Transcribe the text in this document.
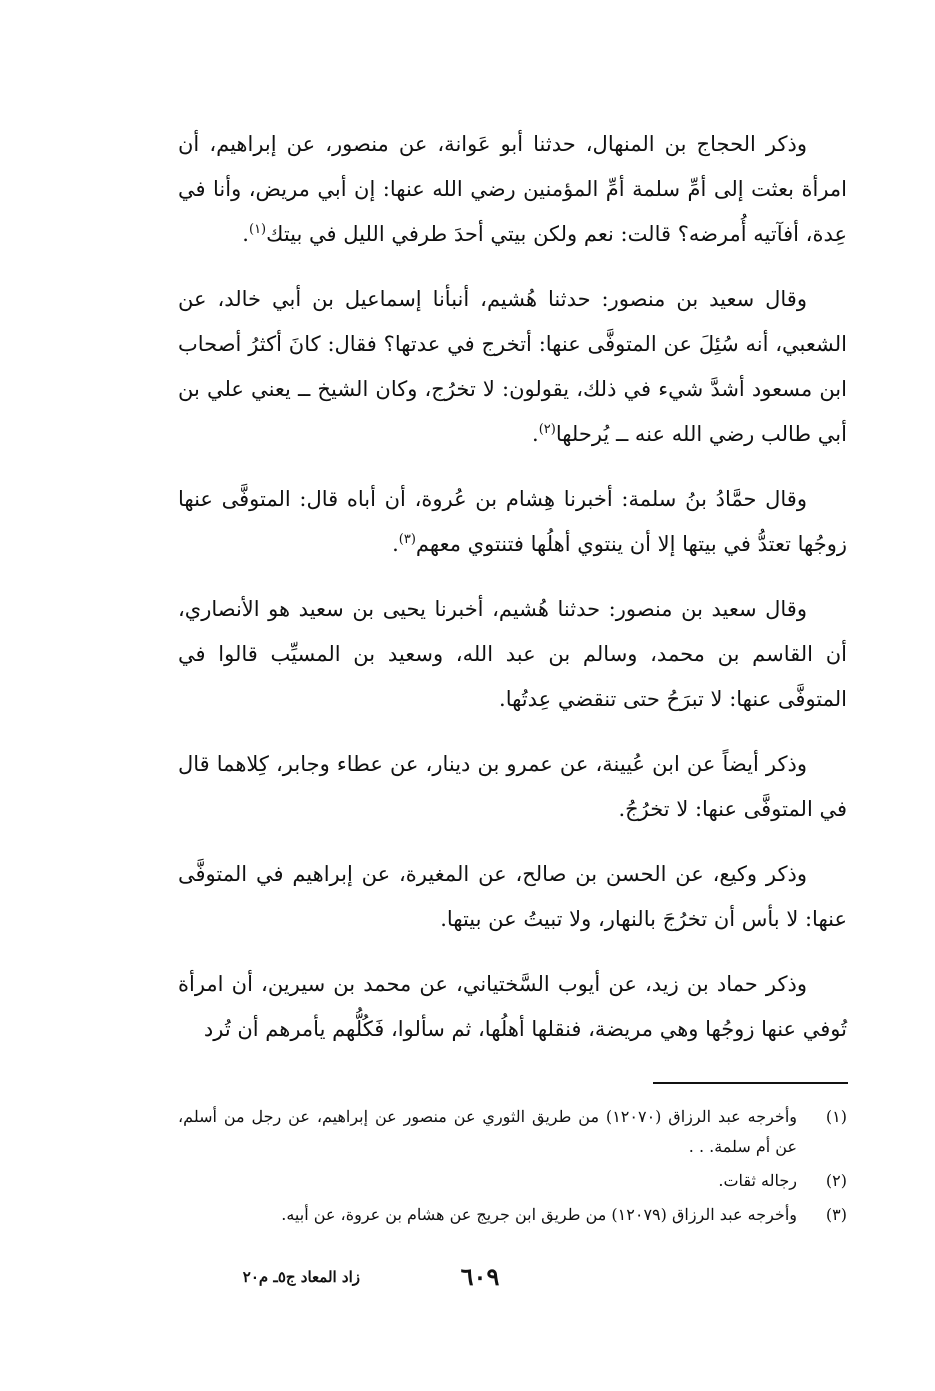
وذكر الحجاج بن المنهال، حدثنا أبو عَوانة، عن منصور، عن إبراهيم، أن امرأة بعثت إلى أمِّ سلمة أمِّ المؤمنين رضي الله عنها: إن أبي مريض، وأنا في عِدة، أفآتيه أُمرضه؟ قالت: نعم ولكن بيتي أحدَ طرفي الليل في بيتك$^{(١)}$.

وقال سعيد بن منصور: حدثنا هُشيم، أنبأنا إسماعيل بن أبي خالد، عن الشعبي، أنه سُئِلَ عن المتوفَّى عنها: أتخرج في عدتها؟ فقال: كانَ أكثرُ أصحاب ابن مسعود أشدَّ شيء في ذلك، يقولون: لا تخرُج، وكان الشيخ ــ يعني علي بن أبي طالب رضي الله عنه ــ يُرحلها$^{(٢)}$.

وقال حمَّادُ بنُ سلمة: أخبرنا هِشام بن عُروة، أن أباه قال: المتوفَّى عنها زوجُها تعتدُّ في بيتها إلا أن ينتوي أهلُها فتنتوي معهم$^{(٣)}$.

وقال سعيد بن منصور: حدثنا هُشيم، أخبرنا يحيى بن سعيد هو الأنصاري، أن القاسم بن محمد، وسالم بن عبد الله، وسعيد بن المسيِّب قالوا في المتوفَّى عنها: لا تبرَحُ حتى تنقضي عِدتُها.

وذكر أيضاً عن ابن عُيينة، عن عمرو بن دينار، عن عطاء وجابر، كِلاهما قال في المتوفَّى عنها: لا تخرُجُ.

وذكر وكيع، عن الحسن بن صالح، عن المغيرة، عن إبراهيم في المتوفَّى عنها: لا بأس أن تخرُجَ بالنهار، ولا تبيتُ عن بيتها.

وذكر حماد بن زيد، عن أيوب السَّختياني، عن محمد بن سيرين، أن امرأة تُوفي عنها زوجُها وهي مريضة، فنقلها أهلُها، ثم سألوا، فَكُلُّهم يأمرهم أن تُرد

(١)
وأخرجه عبد الرزاق (١٢٠٧٠) من طريق الثوري عن منصور عن إبراهيم، عن رجل من أسلم، عن أم سلمة. . .
(٢)
رجاله ثقات.
(٣)
وأخرجه عبد الرزاق (١٢٠٧٩) من طريق ابن جريج عن هشام بن عروة، عن أبيه.
٦٠٩
زاد المعاد ج٥ـ م٢٠
